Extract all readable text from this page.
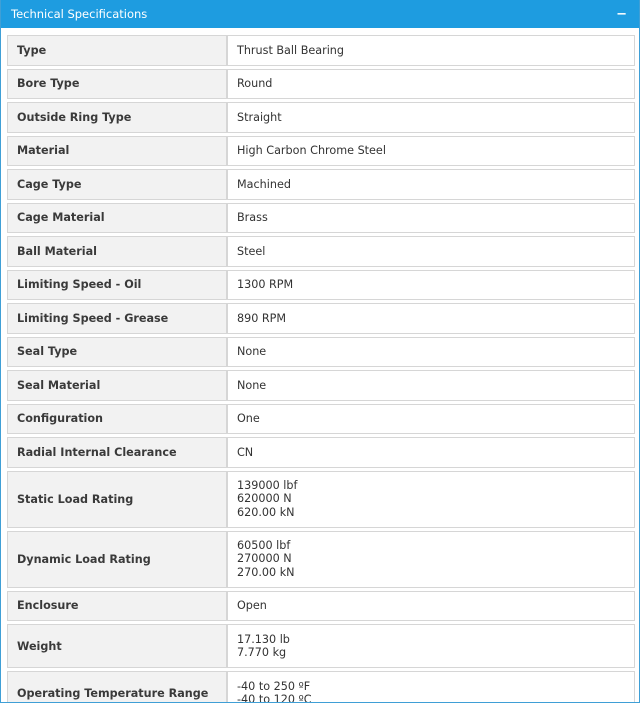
Technical Specifications	−
Type	Thrust Ball Bearing

Bore Type	Round

Outside Ring Type	Straight

Material	High Carbon Chrome Steel

Cage Type	Machined

Cage Material	Brass

Ball Material	Steel

Limiting Speed - Oil	1300 RPM

Limiting Speed - Grease	890 RPM

Seal Type	None

Seal Material	None

Configuration	One

Radial Internal Clearance	CN

Static Load Rating	139000 lbf
620000 N
620.00 kN

Dynamic Load Rating	60500 lbf
270000 N
270.00 kN

Enclosure	Open

Weight	17.130 lb
7.770 kg

Operating Temperature Range	-40 to 250 ºF
-40 to 120 ºC
